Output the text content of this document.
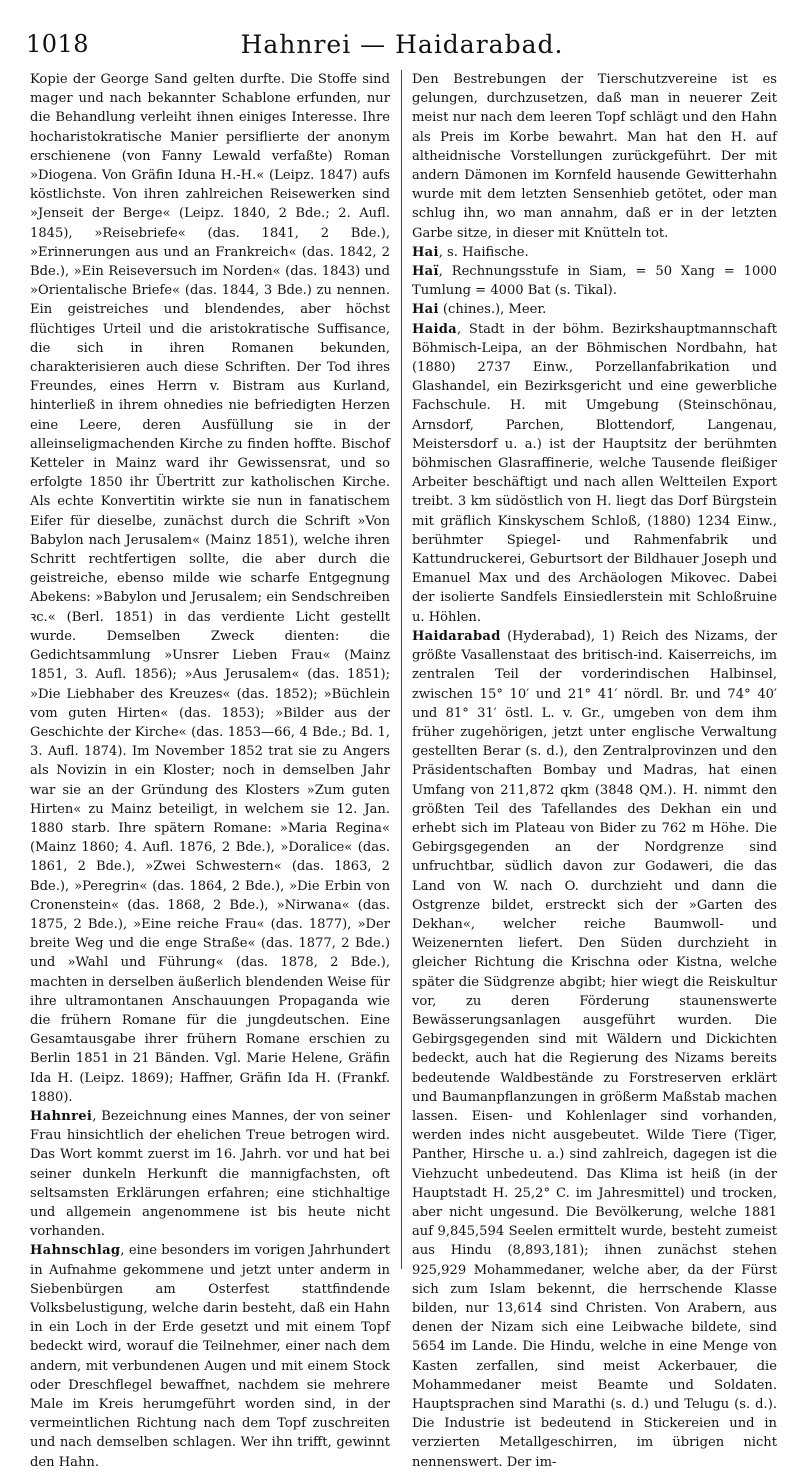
1018	Hahnrei — Haidarabad.

Kopie der George Sand gelten durfte. Die Stoffe sind mager und nach bekannter Schablone erfunden, nur die Behandlung verleiht ihnen einiges Interesse. Ihre hocharistokratische Manier persiflierte der anonym erschienene (von Fanny Lewald verfaßte) Roman »Diogena. Von Gräfin Iduna H.-H.« (Leipz. 1847) aufs köstlichste. Von ihren zahlreichen Reisewerken sind »Jenseit der Berge« (Leipz. 1840, 2 Bde.; 2. Aufl. 1845), »Reisebriefe« (das. 1841, 2 Bde.), »Erinnerungen aus und an Frankreich« (das. 1842, 2 Bde.), »Ein Reiseversuch im Norden« (das. 1843) und »Orientalische Briefe« (das. 1844, 3 Bde.) zu nennen. Ein geistreiches und blendendes, aber höchst flüchtiges Urteil und die aristokratische Suffisance, die sich in ihren Romanen bekunden, charakterisieren auch diese Schriften. Der Tod ihres Freundes, eines Herrn v. Bistram aus Kurland, hinterließ in ihrem ohnedies nie befriedigten Herzen eine Leere, deren Ausfüllung sie in der alleinseligmachenden Kirche zu finden hoffte. Bischof Ketteler in Mainz ward ihr Gewissensrat, und so erfolgte 1850 ihr Übertritt zur katholischen Kirche. Als echte Konvertitin wirkte sie nun in fanatischem Eifer für dieselbe, zunächst durch die Schrift »Von Babylon nach Jerusalem« (Mainz 1851), welche ihren Schritt rechtfertigen sollte, die aber durch die geistreiche, ebenso milde wie scharfe Entgegnung Abekens: »Babylon und Jerusalem; ein Sendschreiben ꝛc.« (Berl. 1851) in das verdiente Licht gestellt wurde. Demselben Zweck dienten: die Gedichtsammlung »Unsrer Lieben Frau« (Mainz 1851, 3. Aufl. 1856); »Aus Jerusalem« (das. 1851); »Die Liebhaber des Kreuzes« (das. 1852); »Büchlein vom guten Hirten« (das. 1853); »Bilder aus der Geschichte der Kirche« (das. 1853—66, 4 Bde.; Bd. 1, 3. Aufl. 1874). Im November 1852 trat sie zu Angers als Novizin in ein Kloster; noch in demselben Jahr war sie an der Gründung des Klosters »Zum guten Hirten« zu Mainz beteiligt, in welchem sie 12. Jan. 1880 starb. Ihre spätern Romane: »Maria Regina« (Mainz 1860; 4. Aufl. 1876, 2 Bde.), »Doralice« (das. 1861, 2 Bde.), »Zwei Schwestern« (das. 1863, 2 Bde.), »Peregrin« (das. 1864, 2 Bde.), »Die Erbin von Cronenstein« (das. 1868, 2 Bde.), »Nirwana« (das. 1875, 2 Bde.), »Eine reiche Frau« (das. 1877), »Der breite Weg und die enge Straße« (das. 1877, 2 Bde.) und »Wahl und Führung« (das. 1878, 2 Bde.), machten in derselben äußerlich blendenden Weise für ihre ultramontanen Anschauungen Propaganda wie die frühern Romane für die jungdeutschen. Eine Gesamtausgabe ihrer frühern Romane erschien zu Berlin 1851 in 21 Bänden. Vgl. Marie Helene, Gräfin Ida H. (Leipz. 1869); Haffner, Gräfin Ida H. (Frankf. 1880).

Hahnrei, Bezeichnung eines Mannes, der von seiner Frau hinsichtlich der ehelichen Treue betrogen wird. Das Wort kommt zuerst im 16. Jahrh. vor und hat bei seiner dunkeln Herkunft die mannigfachsten, oft seltsamsten Erklärungen erfahren; eine stichhaltige und allgemein angenommene ist bis heute nicht vorhanden.

Hahnschlag, eine besonders im vorigen Jahrhundert in Aufnahme gekommene und jetzt unter anderm in Siebenbürgen am Osterfest stattfindende Volksbelustigung, welche darin besteht, daß ein Hahn in ein Loch in der Erde gesetzt und mit einem Topf bedeckt wird, worauf die Teilnehmer, einer nach dem andern, mit verbundenen Augen und mit einem Stock oder Dreschflegel bewaffnet, nachdem sie mehrere Male im Kreis herumgeführt worden sind, in der vermeintlichen Richtung nach dem Topf zuschreiten und nach demselben schlagen. Wer ihn trifft, gewinnt den Hahn.

Den Bestrebungen der Tierschutzvereine ist es gelungen, durchzusetzen, daß man in neuerer Zeit meist nur nach dem leeren Topf schlägt und den Hahn als Preis im Korbe bewahrt. Man hat den H. auf altheidnische Vorstellungen zurückgeführt. Der mit andern Dämonen im Kornfeld hausende Gewitterhahn wurde mit dem letzten Sensenhieb getötet, oder man schlug ihn, wo man annahm, daß er in der letzten Garbe sitze, in dieser mit Knütteln tot.

Hai, s. Haifische.

Haï, Rechnungsstufe in Siam, = 50 Xang = 1000 Tumlung = 4000 Bat (s. Tikal).

Hai (chines.), Meer.

Haida, Stadt in der böhm. Bezirkshauptmannschaft Böhmisch-Leipa, an der Böhmischen Nordbahn, hat (1880) 2737 Einw., Porzellanfabrikation und Glashandel, ein Bezirksgericht und eine gewerbliche Fachschule. H. mit Umgebung (Steinschönau, Arnsdorf, Parchen, Blottendorf, Langenau, Meistersdorf u. a.) ist der Hauptsitz der berühmten böhmischen Glasraffinerie, welche Tausende fleißiger Arbeiter beschäftigt und nach allen Weltteilen Export treibt. 3 km südöstlich von H. liegt das Dorf Bürgstein mit gräflich Kinskyschem Schloß, (1880) 1234 Einw., berühmter Spiegel- und Rahmenfabrik und Kattundruckerei, Geburtsort der Bildhauer Joseph und Emanuel Max und des Archäologen Mikovec. Dabei der isolierte Sandfels Einsiedlerstein mit Schloßruine u. Höhlen.

Haidarabad (Hyderabad), 1) Reich des Nizams, der größte Vasallenstaat des britisch-ind. Kaiserreichs, im zentralen Teil der vorderindischen Halbinsel, zwischen 15° 10′ und 21° 41′ nördl. Br. und 74° 40′ und 81° 31′ östl. L. v. Gr., umgeben von dem ihm früher zugehörigen, jetzt unter englische Verwaltung gestellten Berar (s. d.), den Zentralprovinzen und den Präsidentschaften Bombay und Madras, hat einen Umfang von 211,872 qkm (3848 QM.). H. nimmt den größten Teil des Tafellandes des Dekhan ein und erhebt sich im Plateau von Bider zu 762 m Höhe. Die Gebirgsgegenden an der Nordgrenze sind unfruchtbar, südlich davon zur Godaweri, die das Land von W. nach O. durchzieht und dann die Ostgrenze bildet, erstreckt sich der »Garten des Dekhan«, welcher reiche Baumwoll- und Weizenernten liefert. Den Süden durchzieht in gleicher Richtung die Krischna oder Kistna, welche später die Südgrenze abgibt; hier wiegt die Reiskultur vor, zu deren Förderung staunenswerte Bewässerungsanlagen ausgeführt wurden. Die Gebirgsgegenden sind mit Wäldern und Dickichten bedeckt, auch hat die Regierung des Nizams bereits bedeutende Waldbestände zu Forstreserven erklärt und Baumanpflanzungen in größerm Maßstab machen lassen. Eisen- und Kohlenlager sind vorhanden, werden indes nicht ausgebeutet. Wilde Tiere (Tiger, Panther, Hirsche u. a.) sind zahlreich, dagegen ist die Viehzucht unbedeutend. Das Klima ist heiß (in der Hauptstadt H. 25,2° C. im Jahresmittel) und trocken, aber nicht ungesund. Die Bevölkerung, welche 1881 auf 9,845,594 Seelen ermittelt wurde, besteht zumeist aus Hindu (8,893,181); ihnen zunächst stehen 925,929 Mohammedaner, welche aber, da der Fürst sich zum Islam bekennt, die herrschende Klasse bilden, nur 13,614 sind Christen. Von Arabern, aus denen der Nizam sich eine Leibwache bildete, sind 5654 im Lande. Die Hindu, welche in eine Menge von Kasten zerfallen, sind meist Ackerbauer, die Mohammedaner meist Beamte und Soldaten. Hauptsprachen sind Marathi (s. d.) und Telugu (s. d.). Die Industrie ist bedeutend in Stickereien und in verzierten Metallgeschirren, im übrigen nicht nennenswert. Der im-
